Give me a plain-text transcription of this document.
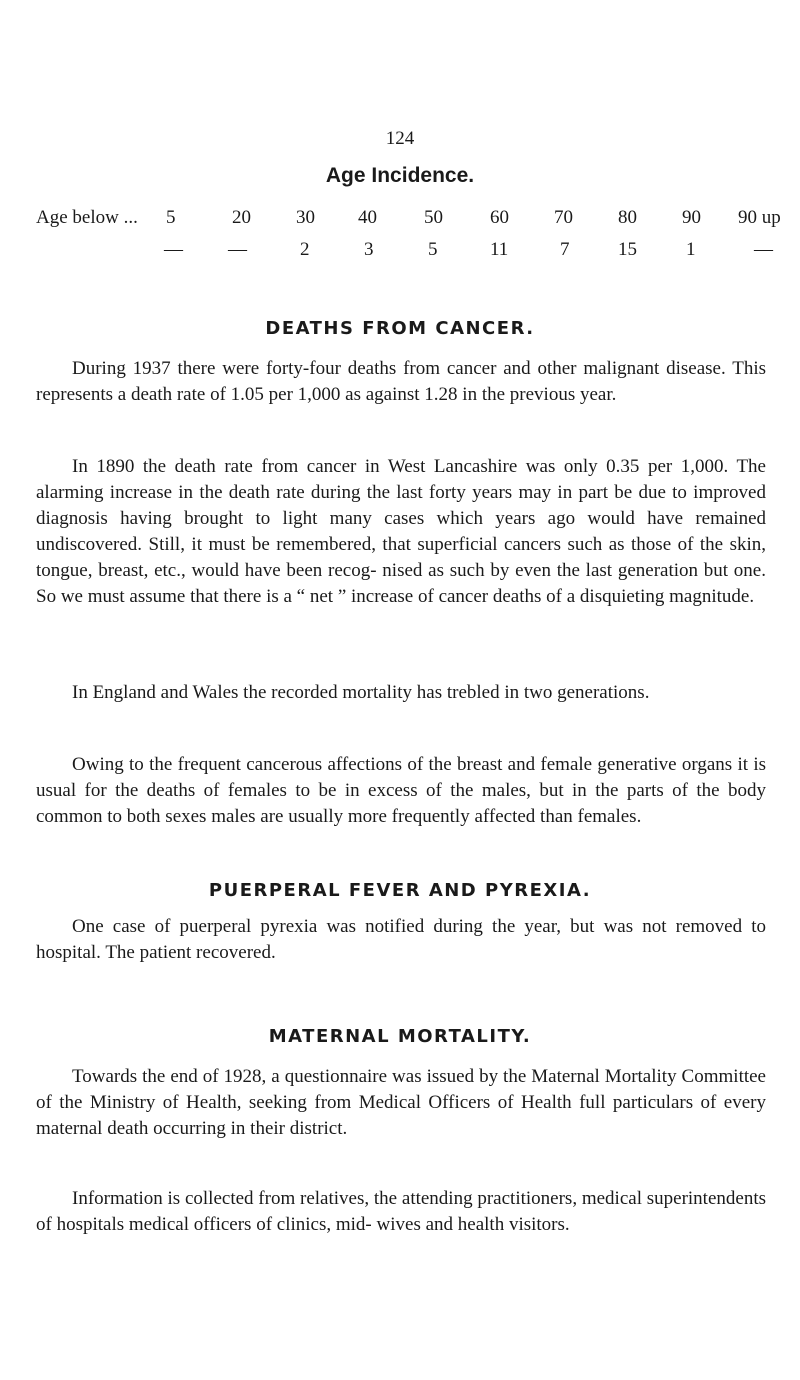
124
Age Incidence.
Age below ... 5	20 30 40 50 60 70 80 90 90 up
— —	2	3	5	11	7	15	1	—
DEATHS FROM CANCER.

During 1937 there were forty-four deaths from cancer and other malignant disease. This represents a death rate of 1.05 per 1,000 as against 1.28 in the previous year.

In 1890 the death rate from cancer in West Lancashire was only 0.35 per 1,000. The alarming increase in the death rate during the last forty years may in part be due to improved diagnosis having brought to light many cases which years ago would have remained undiscovered. Still, it must be remembered, that superficial cancers such as those of the skin, tongue, breast, etc., would have been recog- nised as such by even the last generation but one. So we must assume that there is a “ net ” increase of cancer deaths of a disquieting magnitude.

In England and Wales the recorded mortality has trebled in two generations.

Owing to the frequent cancerous affections of the breast and female generative organs it is usual for the deaths of females to be in excess of the males, but in the parts of the body common to both sexes males are usually more frequently affected than females.

PUERPERAL FEVER AND PYREXIA.

One case of puerperal pyrexia was notified during the year, but was not removed to hospital. The patient recovered.

MATERNAL MORTALITY.

Towards the end of 1928, a questionnaire was issued by the Maternal Mortality Committee of the Ministry of Health, seeking from Medical Officers of Health full particulars of every maternal death occurring in their district.

Information is collected from relatives, the attending practitioners, medical superintendents of hospitals medical officers of clinics, mid- wives and health visitors.
